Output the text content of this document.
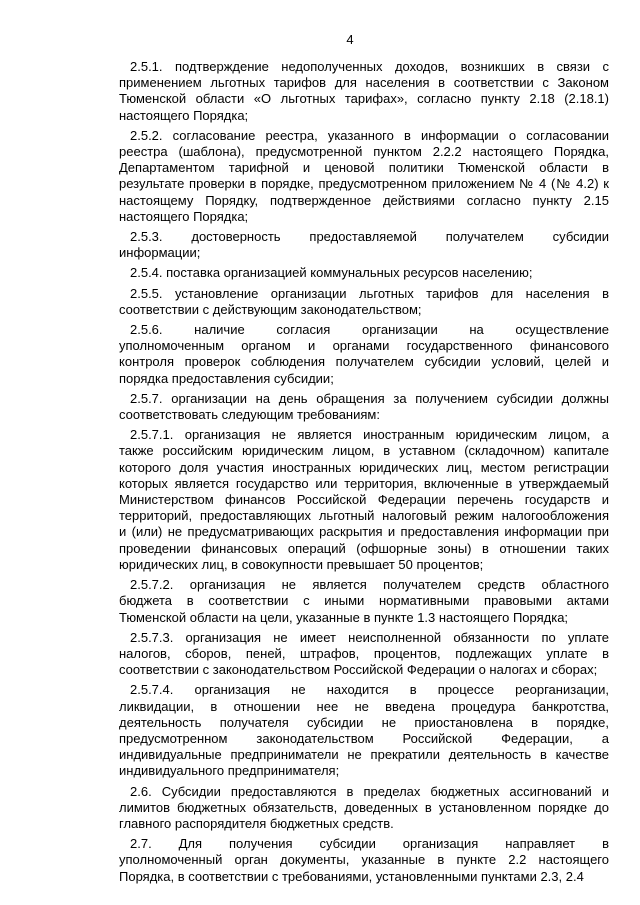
4
2.5.1. подтверждение недополученных доходов, возникших в связи с
применением льготных тарифов для населения в соответствии с Законом
Тюменской области «О льготных тарифах», согласно пункту 2.18 (2.18.1)
настоящего Порядка;
2.5.2. согласование реестра, указанного в информации о согласовании
реестра (шаблона), предусмотренной пунктом 2.2.2 настоящего Порядка,
Департаментом тарифной и ценовой политики Тюменской области в
результате проверки в порядке, предусмотренном приложением № 4 (№ 4.2) к
настоящему Порядку, подтвержденное действиями согласно пункту 2.15
настоящего Порядка;
2.5.3. достоверность предоставляемой получателем субсидии
информации;
2.5.4. поставка организацией коммунальных ресурсов населению;
2.5.5. установление организации льготных тарифов для населения в
соответствии с действующим законодательством;
2.5.6. наличие согласия организации на осуществление
уполномоченным органом и органами государственного финансового
контроля проверок соблюдения получателем субсидии условий, целей и
порядка предоставления субсидии;
2.5.7. организации на день обращения за получением субсидии должны
соответствовать следующим требованиям:
2.5.7.1. организация не является иностранным юридическим лицом, а
также российским юридическим лицом, в уставном (складочном) капитале
которого доля участия иностранных юридических лиц, местом регистрации
которых является государство или территория, включенные в утверждаемый
Министерством финансов Российской Федерации перечень государств и
территорий, предоставляющих льготный налоговый режим налогообложения
и (или) не предусматривающих раскрытия и предоставления информации при
проведении финансовых операций (офшорные зоны) в отношении таких
юридических лиц, в совокупности превышает 50 процентов;
2.5.7.2. организация не является получателем средств областного
бюджета в соответствии с иными нормативными правовыми актами
Тюменской области на цели, указанные в пункте 1.3 настоящего Порядка;
2.5.7.3. организация не имеет неисполненной обязанности по уплате
налогов, сборов, пеней, штрафов, процентов, подлежащих уплате в
соответствии с законодательством Российской Федерации о налогах и сборах;
2.5.7.4. организация не находится в процессе реорганизации,
ликвидации, в отношении нее не введена процедура банкротства,
деятельность получателя субсидии не приостановлена в порядке,
предусмотренном законодательством Российской Федерации, а
индивидуальные предприниматели не прекратили деятельность в качестве
индивидуального предпринимателя;
2.6. Субсидии предоставляются в пределах бюджетных ассигнований и
лимитов бюджетных обязательств, доведенных в установленном порядке до
главного распорядителя бюджетных средств.
2.7. Для получения субсидии организация направляет в
уполномоченный орган документы, указанные в пункте 2.2 настоящего
Порядка, в соответствии с требованиями, установленными пунктами 2.3, 2.4
